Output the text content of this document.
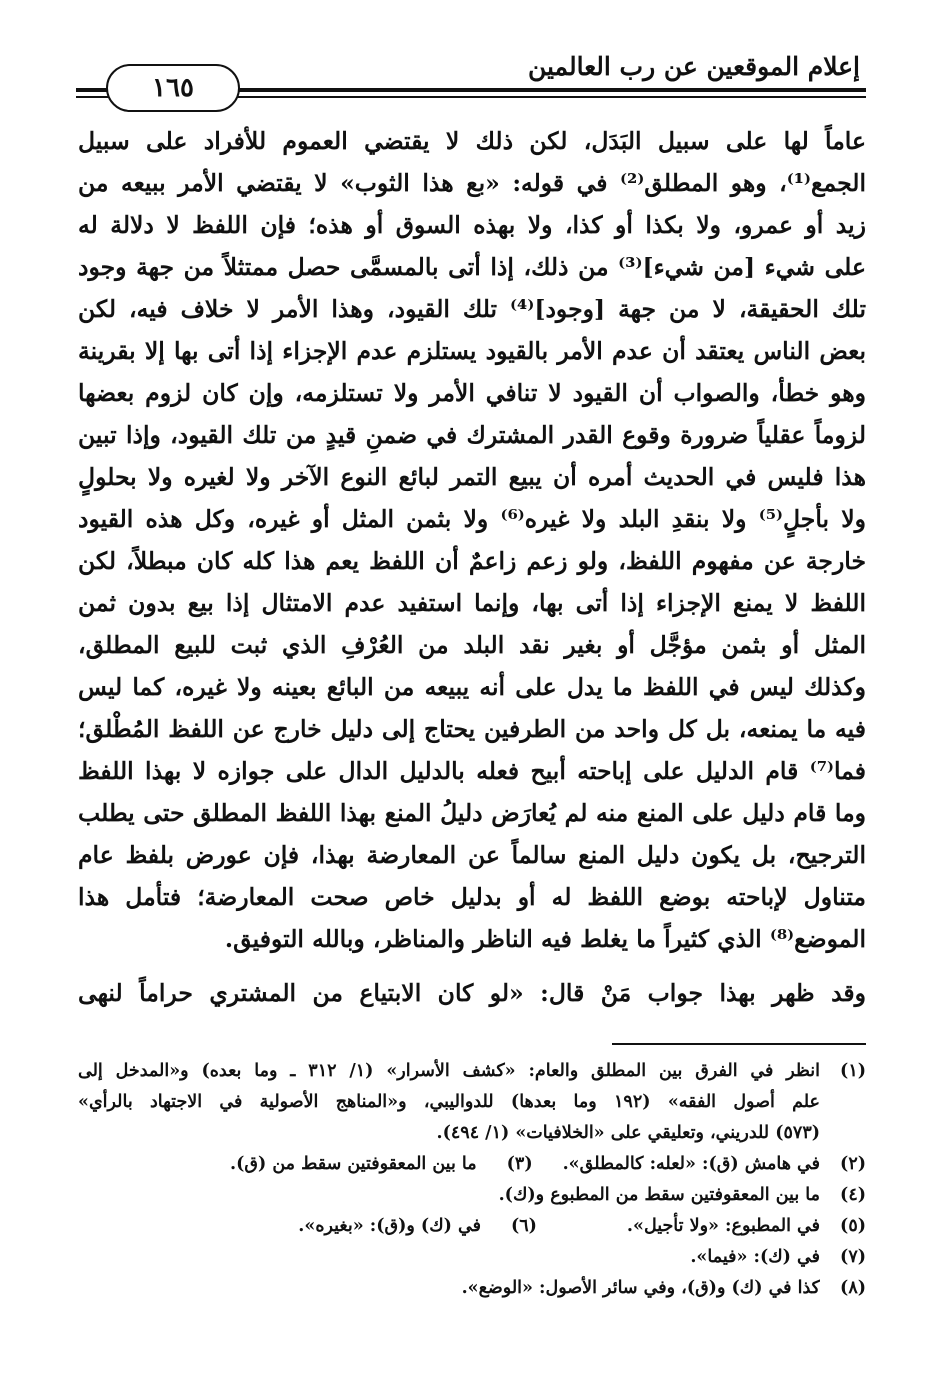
إعلام الموقعين عن رب العالمين
١٦٥
عاماً لها على سبيل البَدَل، لكن ذلك لا يقتضي العموم للأفراد على سبيل
الجمع⁽¹⁾، وهو المطلق⁽²⁾ في قوله: «بع هذا الثوب» لا يقتضي الأمر ببيعه من
زيد أو عمرو، ولا بكذا أو كذا، ولا بهذه السوق أو هذه؛ فإن اللفظ لا دلالة له
على شيء [من شيء]⁽³⁾ من ذلك، إذا أتى بالمسمَّى حصل ممتثلاً من جهة وجود
تلك الحقيقة، لا من جهة [وجود]⁽⁴⁾ تلك القيود، وهذا الأمر لا خلاف فيه، لكن
بعض الناس يعتقد أن عدم الأمر بالقيود يستلزم عدم الإجزاء إذا أتى بها إلا بقرينة
وهو خطأ، والصواب أن القيود لا تنافي الأمر ولا تستلزمه، وإن كان لزوم بعضها
لزوماً عقلياً ضرورة وقوع القدر المشترك في ضمنِ قيدٍ من تلك القيود، وإذا تبين
هذا فليس في الحديث أمره أن يبيع التمر لبائع النوع الآخر ولا لغيره ولا بحلولٍ
ولا بأجلٍ⁽⁵⁾ ولا بنقدِ البلد ولا غيره⁽⁶⁾ ولا بثمن المثل أو غيره، وكل هذه القيود
خارجة عن مفهوم اللفظ، ولو زعم زاعمٌ أن اللفظ يعم هذا كله كان مبطلاً، لكن
اللفظ لا يمنع الإجزاء إذا أتى بها، وإنما استفيد عدم الامتثال إذا بيع بدون ثمن
المثل أو بثمن مؤجَّل أو بغير نقد البلد من العُرْفِ الذي ثبت للبيع المطلق،
وكذلك ليس في اللفظ ما يدل على أنه يبيعه من البائع بعينه ولا غيره، كما ليس
فيه ما يمنعه، بل كل واحد من الطرفين يحتاج إلى دليل خارج عن اللفظ المُطْلق؛
فما⁽⁷⁾ قام الدليل على إباحته أبيح فعله بالدليل الدال على جوازه لا بهذا اللفظ
وما قام دليل على المنع منه لم يُعارَض دليلُ المنع بهذا اللفظ المطلق حتى يطلب
الترجيح، بل يكون دليل المنع سالماً عن المعارضة بهذا، فإن عورض بلفظ عام
متناول لإباحته بوضع اللفظ له أو بدليل خاص صحت المعارضة؛ فتأمل هذا
الموضع⁽⁸⁾ الذي كثيراً ما يغلط فيه الناظر والمناظر، وبالله التوفيق.
وقد ظهر بهذا جواب مَنْ قال: «لو كان الابتياع من المشتري حراماً لنهى
(١)
انظر في الفرق بين المطلق والعام: «كشف الأسرار» (١/ ٣١٢ ـ وما بعده) و«المدخل إلى
علم أصول الفقه» (١٩٢ وما بعدها) للدواليبي، و«المناهج الأصولية في الاجتهاد بالرأي»
(٥٧٣) للدريني، وتعليقي على «الخلافيات» (١/ ٤٩٤).
(٢)
في هامش (ق): «لعله: كالمطلق».
(٣)
ما بين المعقوفتين سقط من (ق).
(٤)
ما بين المعقوفتين سقط من المطبوع و(ك).
(٥)
في المطبوع: «ولا تأجيل».
(٦)
في (ك) و(ق): «بغيره».
(٧)
في (ك): «فيما».
(٨)
كذا في (ك) و(ق)، وفي سائر الأصول: «الوضع».
